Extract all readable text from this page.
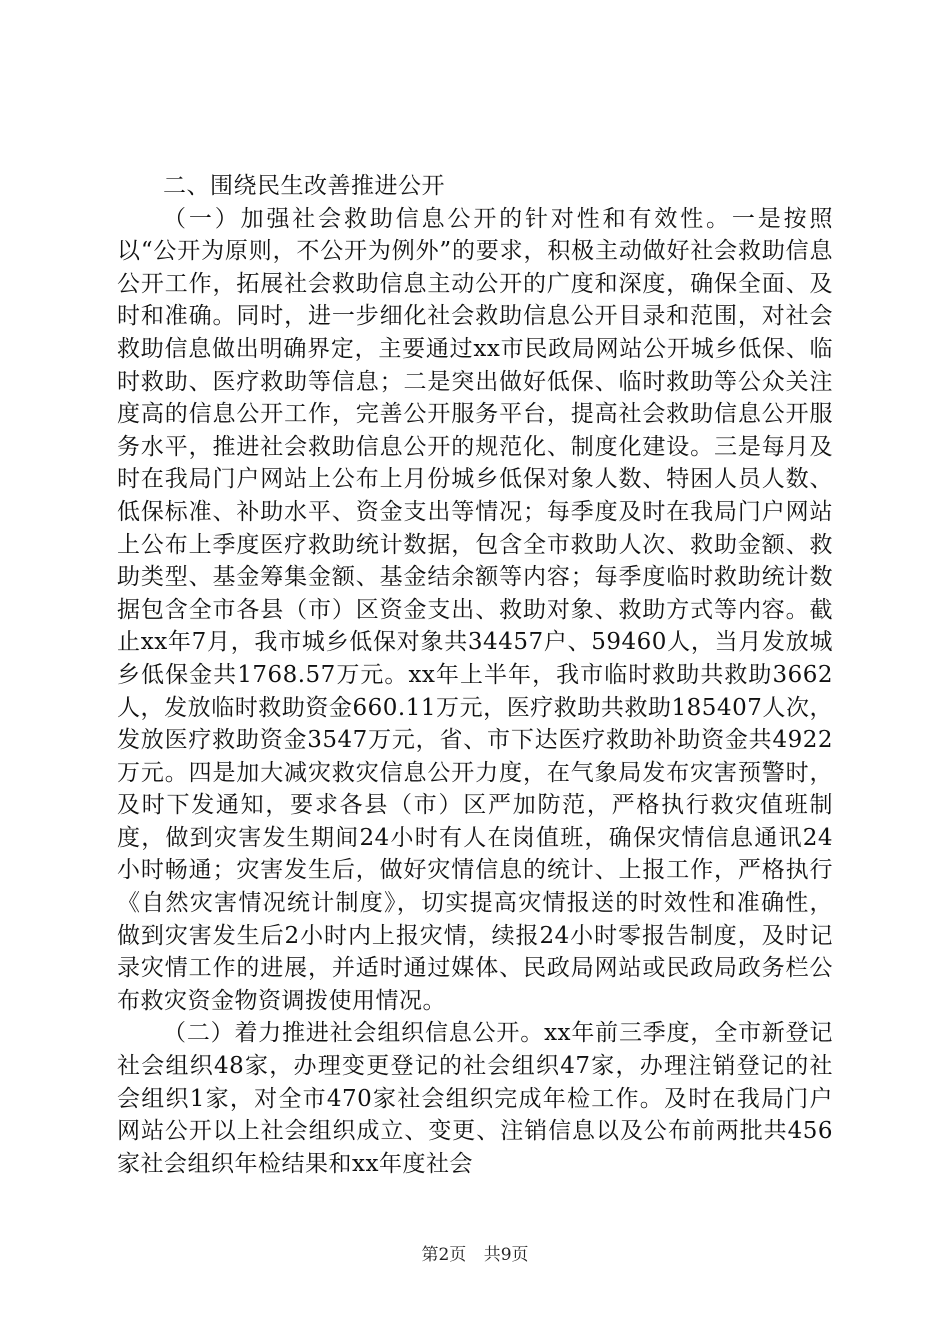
二、围绕民生改善推进公开

（一）加强社会救助信息公开的针对性和有效性。一是按照以“公开为原则，不公开为例外”的要求，积极主动做好社会救助信息公开工作，拓展社会救助信息主动公开的广度和深度，确保全面、及时和准确。同时，进一步细化社会救助信息公开目录和范围，对社会救助信息做出明确界定，主要通过xx市民政局网站公开城乡低保、临时救助、医疗救助等信息；二是突出做好低保、临时救助等公众关注度高的信息公开工作，完善公开服务平台，提高社会救助信息公开服务水平，推进社会救助信息公开的规范化、制度化建设。三是每月及时在我局门户网站上公布上月份城乡低保对象人数、特困人员人数、低保标准、补助水平、资金支出等情况；每季度及时在我局门户网站上公布上季度医疗救助统计数据，包含全市救助人次、救助金额、救助类型、基金筹集金额、基金结余额等内容；每季度临时救助统计数据包含全市各县（市）区资金支出、救助对象、救助方式等内容。截止xx年7月，我市城乡低保对象共34457户、59460人，当月发放城乡低保金共1768.57万元。xx年上半年，我市临时救助共救助3662人，发放临时救助资金660.11万元，医疗救助共救助185407人次，发放医疗救助资金3547万元，省、市下达医疗救助补助资金共4922万元。四是加大减灾救灾信息公开力度，在气象局发布灾害预警时，及时下发通知，要求各县（市）区严加防范，严格执行救灾值班制度，做到灾害发生期间24小时有人在岗值班，确保灾情信息通讯24小时畅通；灾害发生后，做好灾情信息的统计、上报工作，严格执行《自然灾害情况统计制度》，切实提高灾情报送的时效性和准确性，做到灾害发生后2小时内上报灾情，续报24小时零报告制度，及时记录灾情工作的进展，并适时通过媒体、民政局网站或民政局政务栏公布救灾资金物资调拨使用情况。

（二）着力推进社会组织信息公开。xx年前三季度，全市新登记社会组织48家，办理变更登记的社会组织47家，办理注销登记的社会组织1家，对全市470家社会组织完成年检工作。及时在我局门户网站公开以上社会组织成立、变更、注销信息以及公布前两批共456家社会组织年检结果和xx年度社会

第2页 共9页
